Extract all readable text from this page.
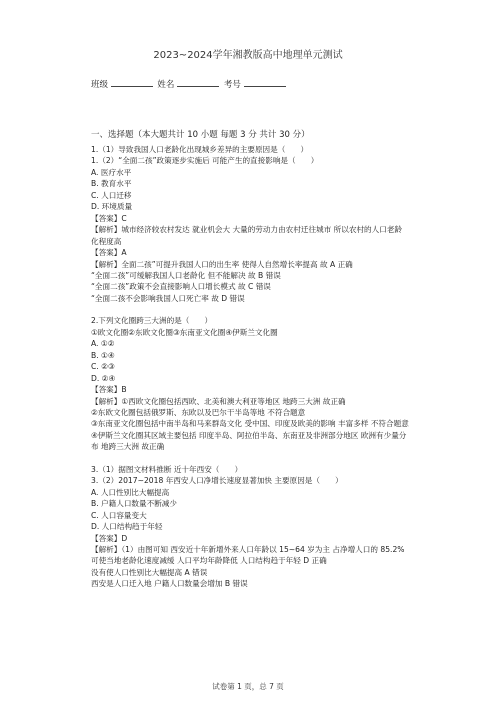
2023~2024学年湘教版高中地理单元测试
班级	姓名	考号
一、选择题（本大题共计 10 小题 每题 3 分 共计 30 分）
1.（1）导致我国人口老龄化出现城乡差异的主要原因是（　　）
1.（2）“全面二孩”政策逐步实施后 可能产生的直接影响是（　　）
A. 医疗水平
B. 教育水平
C. 人口迁移
D. 环境质量
【答案】C
【解析】城市经济较农村发达 就业机会大 大量的劳动力由农村迁往城市 所以农村的人口老龄化程度高
【答案】A
【解析】全面二孩”可提升我国人口的出生率 使得人自然增长率提高 故 A 正确
“全面二孩”可缓解我国人口老龄化 但不能解决 故 B 错误
“全面二孩”政策不会直接影响人口增长模式 故 C 错误
“全面二孩不会影响我国人口死亡率 故 D 错误
2.下列文化圈跨三大洲的是（　　）
①欧文化圈②东欧文化圈③东南亚文化圈④伊斯兰文化圈
A. ①②
B. ①④
C. ②③
D. ②④
【答案】B
【解析】①西欧文化圈包括西欧、北美和澳大利亚等地区 地跨三大洲 故正确
②东欧文化圈包括俄罗斯、东欧以及巴尔干半岛等地 不符合题意
③东南亚文化圈包括中南半岛和马来群岛文化 受中国、印度及欧美的影响 丰富多样 不符合题意
④伊斯兰文化圈其区域主要包括 印度半岛、阿拉伯半岛、东南亚及非洲部分地区 欧洲有少量分布 地跨三大洲 故正确
3.（1）据图文材料推断 近十年西安（　　）
3.（2）2017~2018 年西安人口净增长速度显著加快 主要原因是（　　）
A. 人口性别比大幅提高
B. 户籍人口数量不断减少
C. 人口容量变大
D. 人口结构趋于年轻
【答案】D
【解析】（1）由图可知 西安近十年新增外来人口年龄以 15~64 岁为主 占净增人口的 85.2% 可使当地老龄化速度减缓 人口平均年龄降低 人口结构趋于年轻 D 正确
没有使人口性别比大幅提高 A 错误
西安是人口迁入地 户籍人口数量会增加 B 错误
试卷第 1 页，总 7 页
